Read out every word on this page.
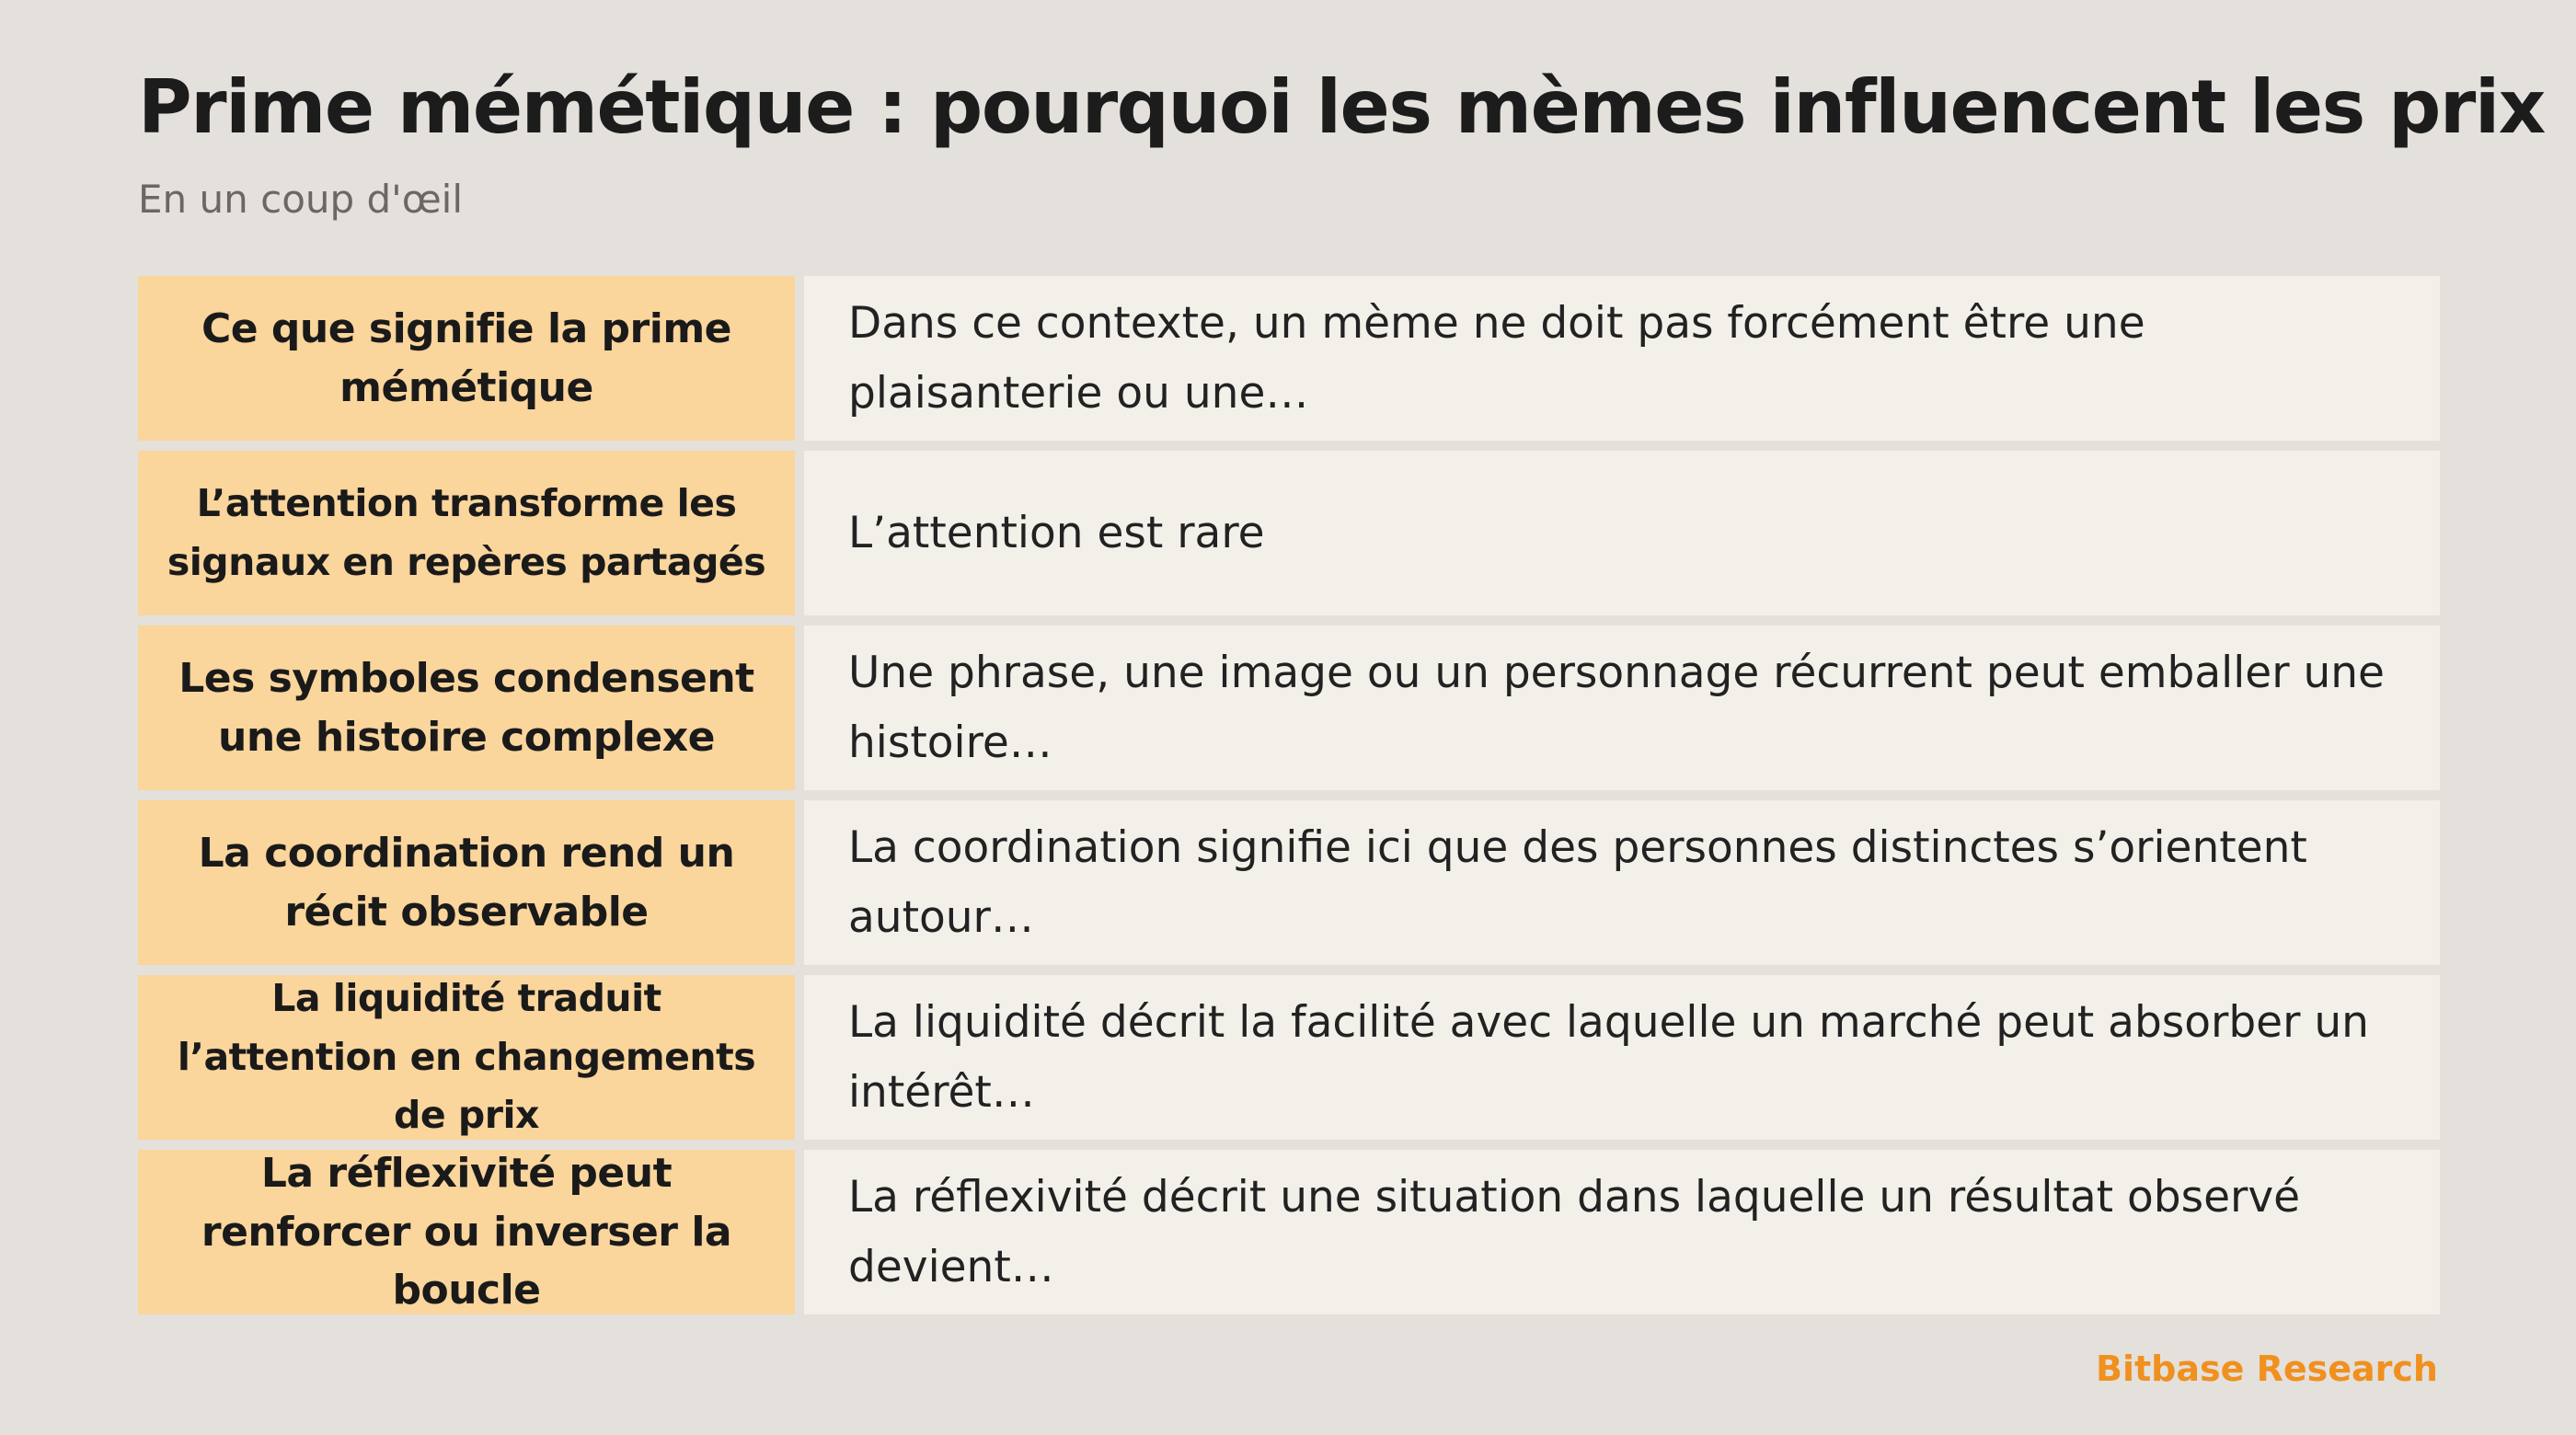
Prime mémétique : pourquoi les mèmes influencent les prix
En un coup d'œil
Ce que signifie la prime mémétique
Dans ce contexte, un mème ne doit pas forcément être une plaisanterie ou une…
L’attention transforme les signaux en repères partagés
L’attention est rare
Les symboles condensent une histoire complexe
Une phrase, une image ou un personnage récurrent peut emballer une histoire…
La coordination rend un récit observable
La coordination signifie ici que des personnes distinctes s’orientent autour…
La liquidité traduit l’attention en changements de prix
La liquidité décrit la facilité avec laquelle un marché peut absorber un intérêt…
La réflexivité peut renforcer ou inverser la boucle
La réflexivité décrit une situation dans laquelle un résultat observé devient…
Bitbase Research
